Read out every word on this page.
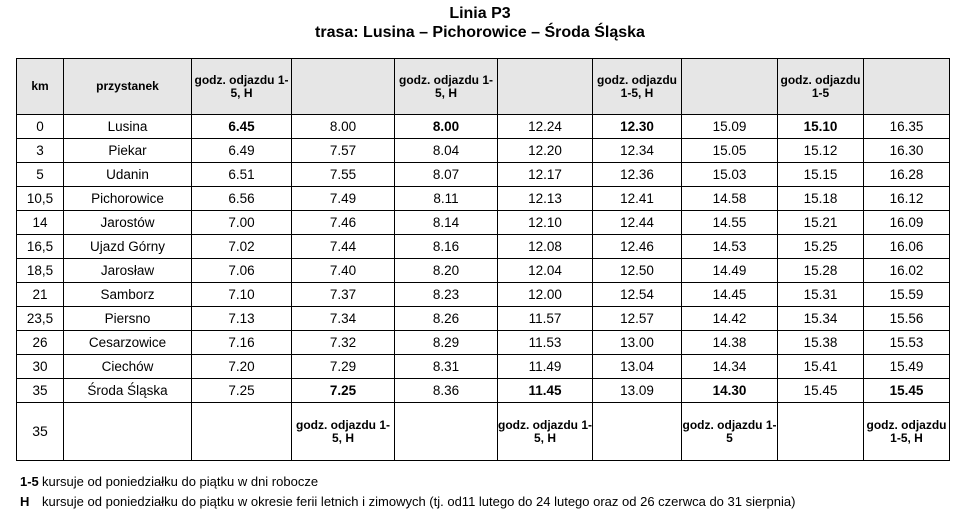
Linia P3
trasa: Lusina – Pichorowice – Środa Śląska
km	przystanek	godz. odjazdu 1-5, H		godz. odjazdu 1-5, H		godz. odjazdu 1-5, H		godz. odjazdu 1-5	
0	Lusina	6.45	8.00	8.00	12.24	12.30	15.09	15.10	16.35
3	Piekar	6.49	7.57	8.04	12.20	12.34	15.05	15.12	16.30
5	Udanin	6.51	7.55	8.07	12.17	12.36	15.03	15.15	16.28
10,5	Pichorowice	6.56	7.49	8.11	12.13	12.41	14.58	15.18	16.12
14	Jarostów	7.00	7.46	8.14	12.10	12.44	14.55	15.21	16.09
16,5	Ujazd Górny	7.02	7.44	8.16	12.08	12.46	14.53	15.25	16.06
18,5	Jarosław	7.06	7.40	8.20	12.04	12.50	14.49	15.28	16.02
21	Samborz	7.10	7.37	8.23	12.00	12.54	14.45	15.31	15.59
23,5	Piersno	7.13	7.34	8.26	11.57	12.57	14.42	15.34	15.56
26	Cesarzowice	7.16	7.32	8.29	11.53	13.00	14.38	15.38	15.53
30	Ciechów	7.20	7.29	8.31	11.49	13.04	14.34	15.41	15.49
35	Środa Śląska	7.25	7.25	8.36	11.45	13.09	14.30	15.45	15.45
35			godz. odjazdu 1-5, H		godz. odjazdu 1-5, H		godz. odjazdu 1-5		godz. odjazdu 1-5, H
1-5 kursuje od poniedziałku do piątku w dni robocze
H kursuje od poniedziałku do piątku w okresie ferii letnich i zimowych (tj. od11 lutego do 24 lutego oraz od 26 czerwca do 31 sierpnia)
